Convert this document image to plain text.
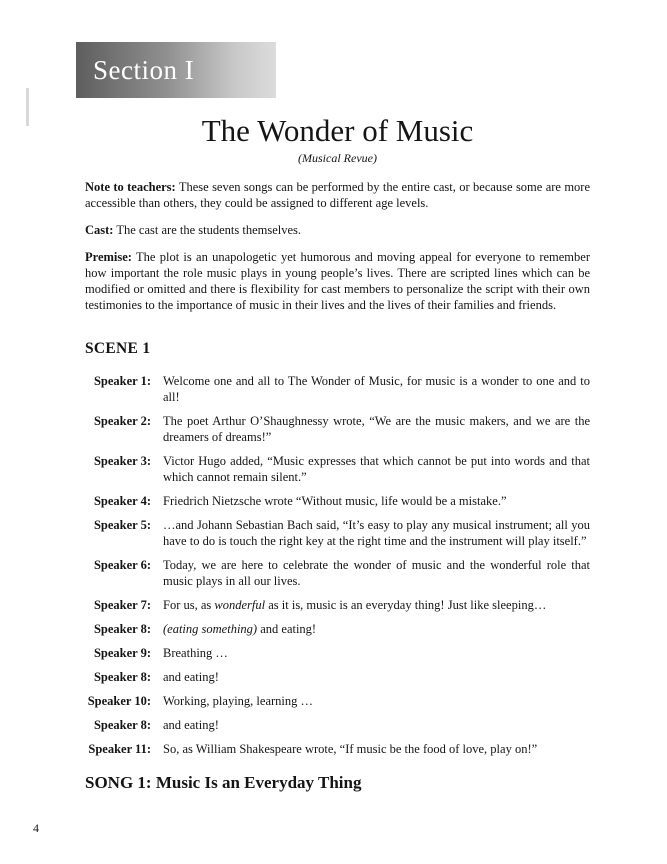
Section I
The Wonder of Music
(Musical Revue)

Note to teachers: These seven songs can be performed by the entire cast, or because some are more accessible than others, they could be assigned to different age levels.

Cast: The cast are the students themselves.

Premise: The plot is an unapologetic yet humorous and moving appeal for everyone to remember how important the role music plays in young people’s lives. There are scripted lines which can be modified or omitted and there is flexibility for cast members to personalize the script with their own testimonies to the importance of music in their lives and the lives of their families and friends.

SCENE 1
Speaker 1: Welcome one and all to The Wonder of Music, for music is a wonder to one and to all!
Speaker 2: The poet Arthur O’Shaughnessy wrote, “We are the music makers, and we are the dreamers of dreams!”
Speaker 3: Victor Hugo added, “Music expresses that which cannot be put into words and that which cannot remain silent.”
Speaker 4: Friedrich Nietzsche wrote “Without music, life would be a mistake.”
Speaker 5: …and Johann Sebastian Bach said, “It’s easy to play any musical instrument; all you have to do is touch the right key at the right time and the instrument will play itself.”
Speaker 6: Today, we are here to celebrate the wonder of music and the wonderful role that music plays in all our lives.
Speaker 7: For us, as wonderful as it is, music is an everyday thing! Just like sleeping…
Speaker 8: (eating something) and eating!
Speaker 9: Breathing …
Speaker 8: and eating!
Speaker 10: Working, playing, learning …
Speaker 8: and eating!
Speaker 11: So, as William Shakespeare wrote, “If music be the food of love, play on!”
SONG 1: Music Is an Everyday Thing
4
